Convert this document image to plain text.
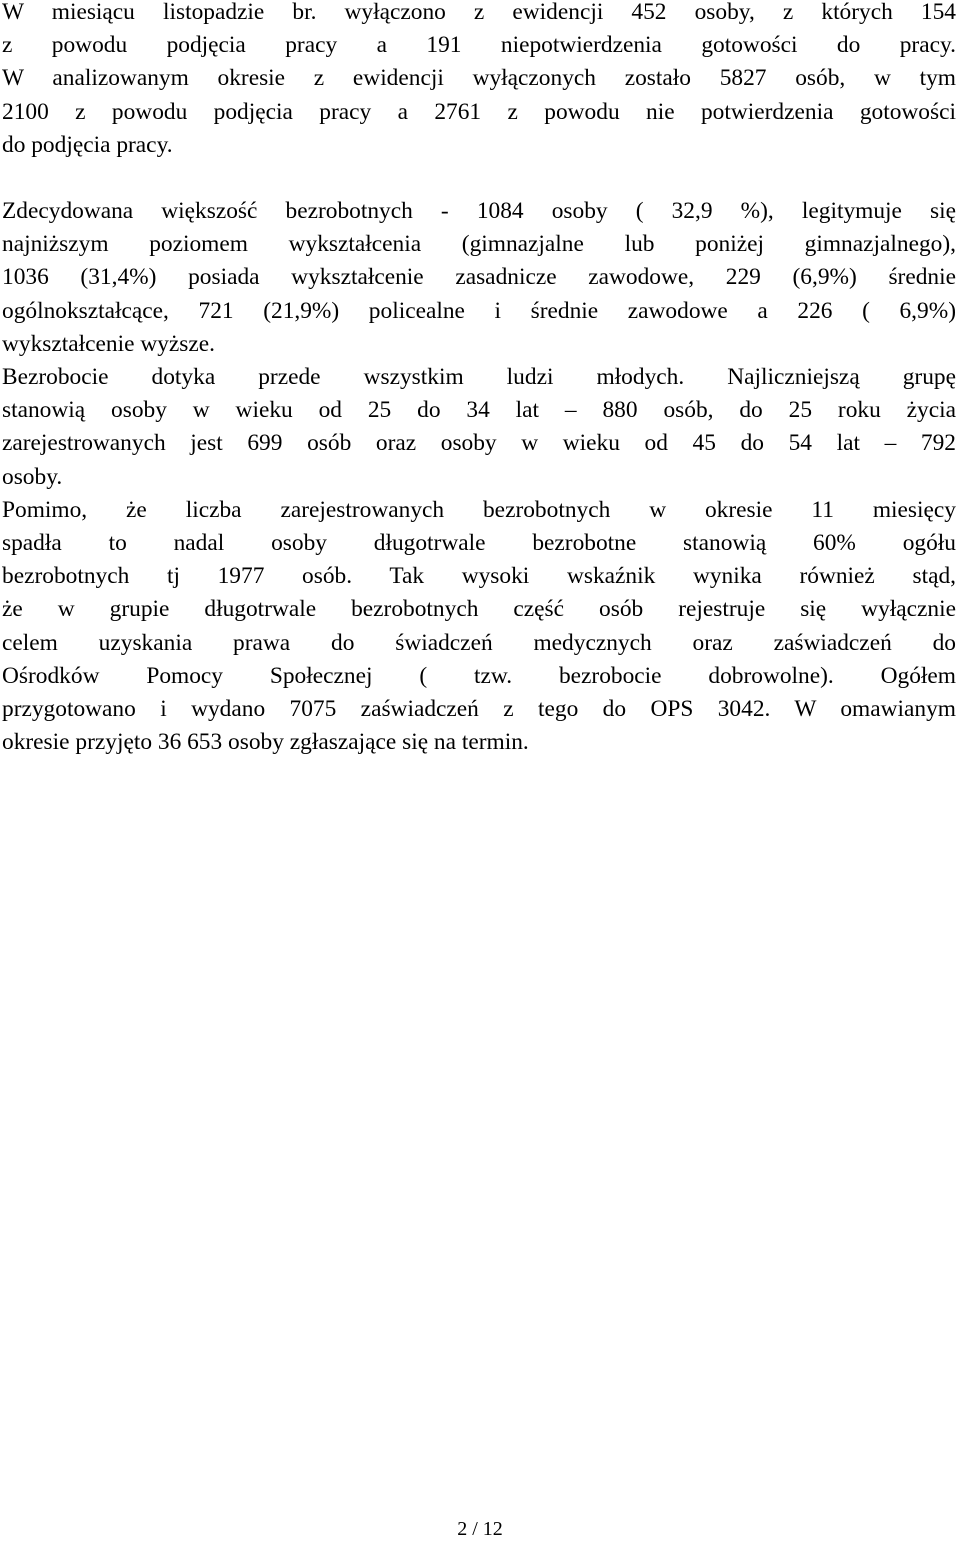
W miesiącu listopadzie br. wyłączono z ewidencji 452 osoby, z których 154
z powodu podjęcia pracy a 191 niepotwierdzenia gotowości do pracy.
W analizowanym okresie z ewidencji wyłączonych zostało 5827 osób, w tym
2100 z powodu podjęcia pracy a 2761 z powodu nie potwierdzenia gotowości
do podjęcia pracy.

Zdecydowana większość bezrobotnych - 1084 osoby ( 32,9 %), legitymuje się
najniższym poziomem wykształcenia (gimnazjalne lub poniżej gimnazjalnego),
1036 (31,4%) posiada wykształcenie zasadnicze zawodowe, 229 (6,9%) średnie
ogólnokształcące, 721 (21,9%) policealne i średnie zawodowe a 226 ( 6,9%)
wykształcenie wyższe.
Bezrobocie dotyka przede wszystkim ludzi młodych. Najliczniejszą grupę
stanowią osoby w wieku od 25 do 34 lat – 880 osób, do 25 roku życia
zarejestrowanych jest 699 osób oraz osoby w wieku od 45 do 54 lat – 792
osoby.
Pomimo, że liczba zarejestrowanych bezrobotnych w okresie 11 miesięcy
spadła to nadal osoby długotrwale bezrobotne stanowią 60% ogółu
bezrobotnych tj 1977 osób. Tak wysoki wskaźnik wynika również stąd,
że w grupie długotrwale bezrobotnych część osób rejestruje się wyłącznie
celem uzyskania prawa do świadczeń medycznych oraz zaświadczeń do
Ośrodków Pomocy Społecznej ( tzw. bezrobocie dobrowolne). Ogółem
przygotowano i wydano 7075 zaświadczeń z tego do OPS 3042. W omawianym
okresie przyjęto 36 653 osoby zgłaszające się na termin.

2 / 12
